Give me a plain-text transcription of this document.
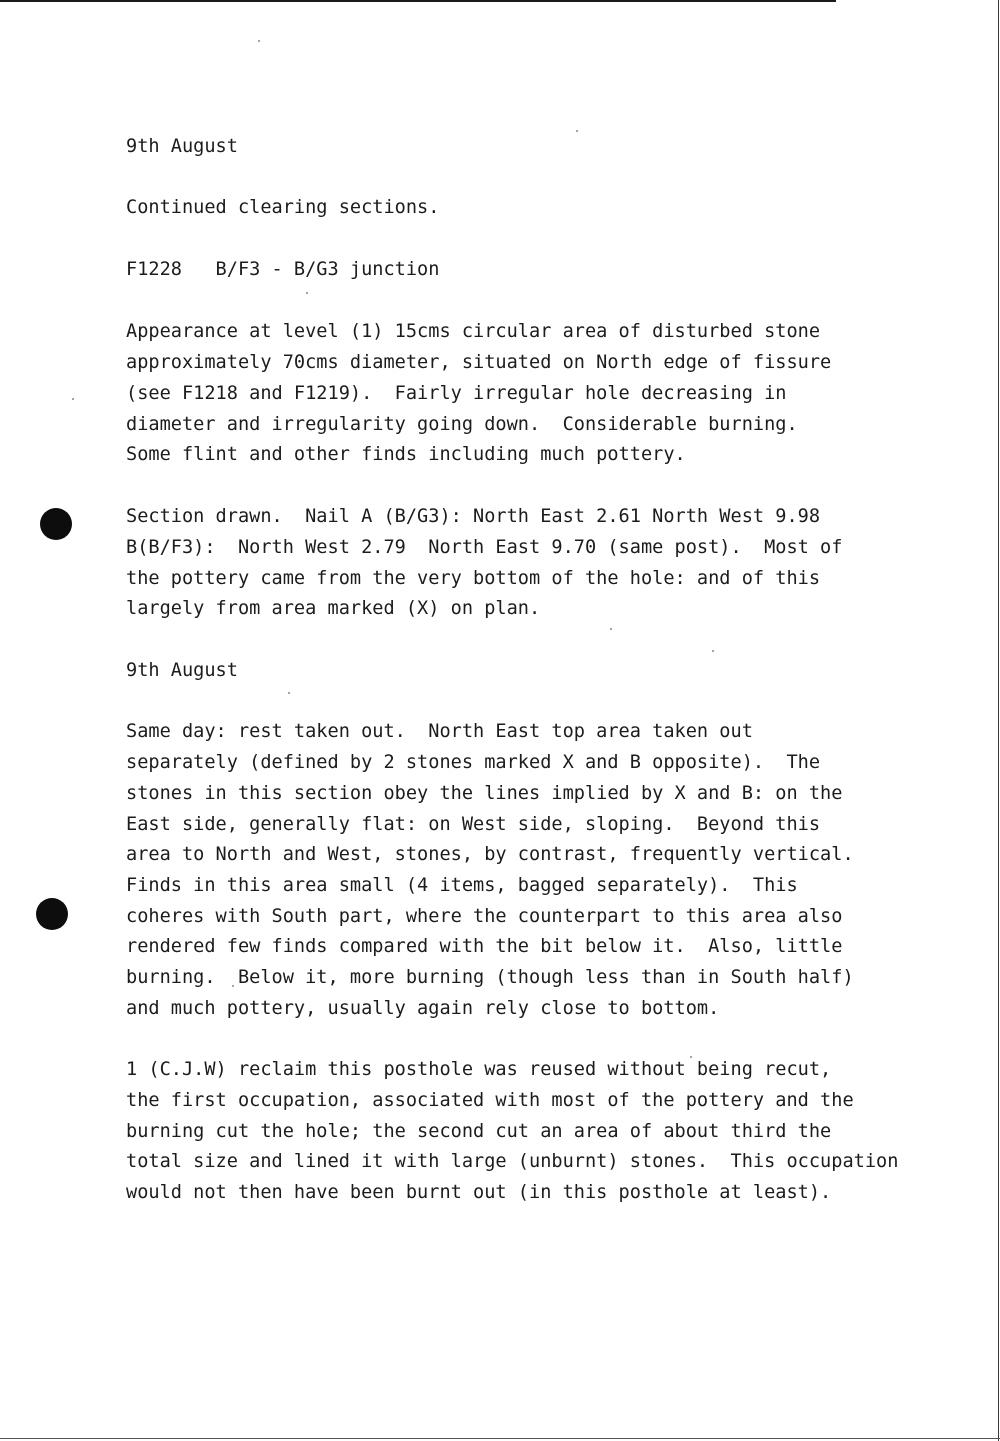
9th August

Continued clearing sections.

F1228   B/F3 - B/G3 junction

Appearance at level (1) 15cms circular area of disturbed stone

approximately 70cms diameter, situated on North edge of fissure

(see F1218 and F1219).  Fairly irregular hole decreasing in

diameter and irregularity going down.  Considerable burning.

Some flint and other finds including much pottery.

Section drawn.  Nail A (B/G3): North East 2.61 North West 9.98

B(B/F3):  North West 2.79  North East 9.70 (same post).  Most of

the pottery came from the very bottom of the hole: and of this

largely from area marked (X) on plan.

9th August

Same day: rest taken out.  North East top area taken out

separately (defined by 2 stones marked X and B opposite).  The

stones in this section obey the lines implied by X and B: on the

East side, generally flat: on West side, sloping.  Beyond this

area to North and West, stones, by contrast, frequently vertical.

Finds in this area small (4 items, bagged separately).  This

coheres with South part, where the counterpart to this area also

rendered few finds compared with the bit below it.  Also, little

burning.  Below it, more burning (though less than in South half)

and much pottery, usually again rely close to bottom.

1 (C.J.W) reclaim this posthole was reused without being recut,

the first occupation, associated with most of the pottery and the

burning cut the hole; the second cut an area of about third the

total size and lined it with large (unburnt) stones.  This occupation

would not then have been burnt out (in this posthole at least).
